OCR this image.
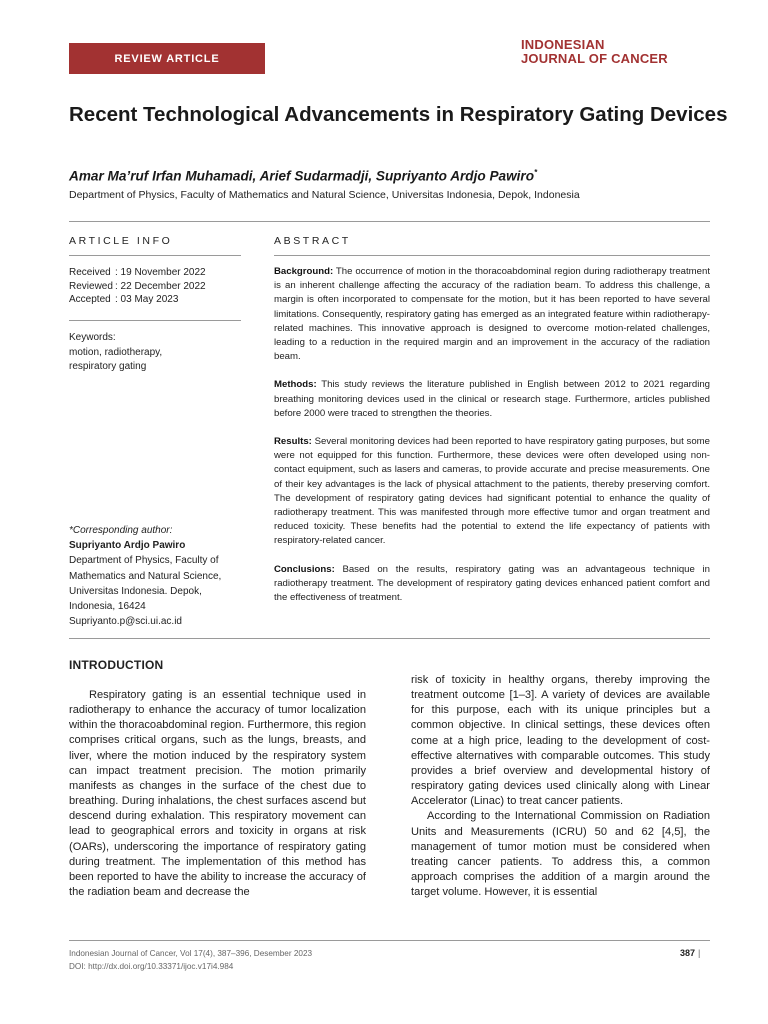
REVIEW ARTICLE
INDONESIAN
JOURNAL OF CANCER
Recent Technological Advancements in Respiratory Gating Devices
Amar Ma’ruf Irfan Muhamadi, Arief Sudarmadji, Supriyanto Ardjo Pawiro*
Department of Physics, Faculty of Mathematics and Natural Science, Universitas Indonesia, Depok, Indonesia
ARTICLE INFO	ABSTRACT
Received : 19 November 2022
Reviewed : 22 December 2022
Accepted : 03 May 2023
Keywords:
motion, radiotherapy,
respiratory gating
*Corresponding author:
Supriyanto Ardjo Pawiro
Department of Physics, Faculty of
Mathematics and Natural Science,
Universitas Indonesia. Depok,
Indonesia, 16424
Supriyanto.p@sci.ui.ac.id

Background: The occurrence of motion in the thoracoabdominal region during radiotherapy treatment is an inherent challenge affecting the accuracy of the radiation beam. To address this challenge, a margin is often incorporated to compensate for the motion, but it has been reported to have several limitations. Consequently, respiratory gating has emerged as an integrated feature within radiotherapy-related machines. This innovative approach is designed to overcome motion-related challenges, leading to a reduction in the required margin and an improvement in the accuracy of the radiation beam.

Methods: This study reviews the literature published in English between 2012 to 2021 regarding breathing monitoring devices used in the clinical or research stage. Furthermore, articles published before 2000 were traced to strengthen the theories.

Results: Several monitoring devices had been reported to have respiratory gating purposes, but some were not equipped for this function. Furthermore, these devices were often developed using non-contact equipment, such as lasers and cameras, to provide accurate and precise measurements. One of their key advantages is the lack of physical attachment to the patients, thereby preserving comfort. The development of respiratory gating devices had significant potential to enhance the quality of radiotherapy treatment. This was manifested through more effective tumor and organ treatment and reduced toxicity. These benefits had the potential to extend the life expectancy of patients with respiratory-related cancer.

Conclusions: Based on the results, respiratory gating was an advantageous technique in radiotherapy treatment. The development of respiratory gating devices enhanced patient comfort and the effectiveness of treatment.

INTRODUCTION
Respiratory gating is an essential technique used in radiotherapy to enhance the accuracy of tumor localization within the thoracoabdominal region. Furthermore, this region comprises critical organs, such as the lungs, breasts, and liver, where the motion induced by the respiratory system can impact treatment precision. The motion primarily manifests as changes in the surface of the chest due to breathing. During inhalations, the chest surfaces ascend but descend during exhalation. This respiratory movement can lead to geographical errors and toxicity in organs at risk (OARs), underscoring the importance of respiratory gating during treatment. The implementation of this method has been reported to have the ability to increase the accuracy of the radiation beam and decrease the
risk of toxicity in healthy organs, thereby improving the treatment outcome [1–3]. A variety of devices are available for this purpose, each with its unique principles but a common objective. In clinical settings, these devices often come at a high price, leading to the development of cost-effective alternatives with comparable outcomes. This study provides a brief overview and developmental history of respiratory gating devices used clinically along with Linear Accelerator (Linac) to treat cancer patients.
According to the International Commission on Radiation Units and Measurements (ICRU) 50 and 62 [4,5], the management of tumor motion must be considered when treating cancer patients. To address this, a common approach comprises the addition of a margin around the target volume. However, it is essential
Indonesian Journal of Cancer, Vol 17(4), 387–396, Desember 2023
DOI: http://dx.doi.org/10.33371/ijoc.v17i4.984
387 |
